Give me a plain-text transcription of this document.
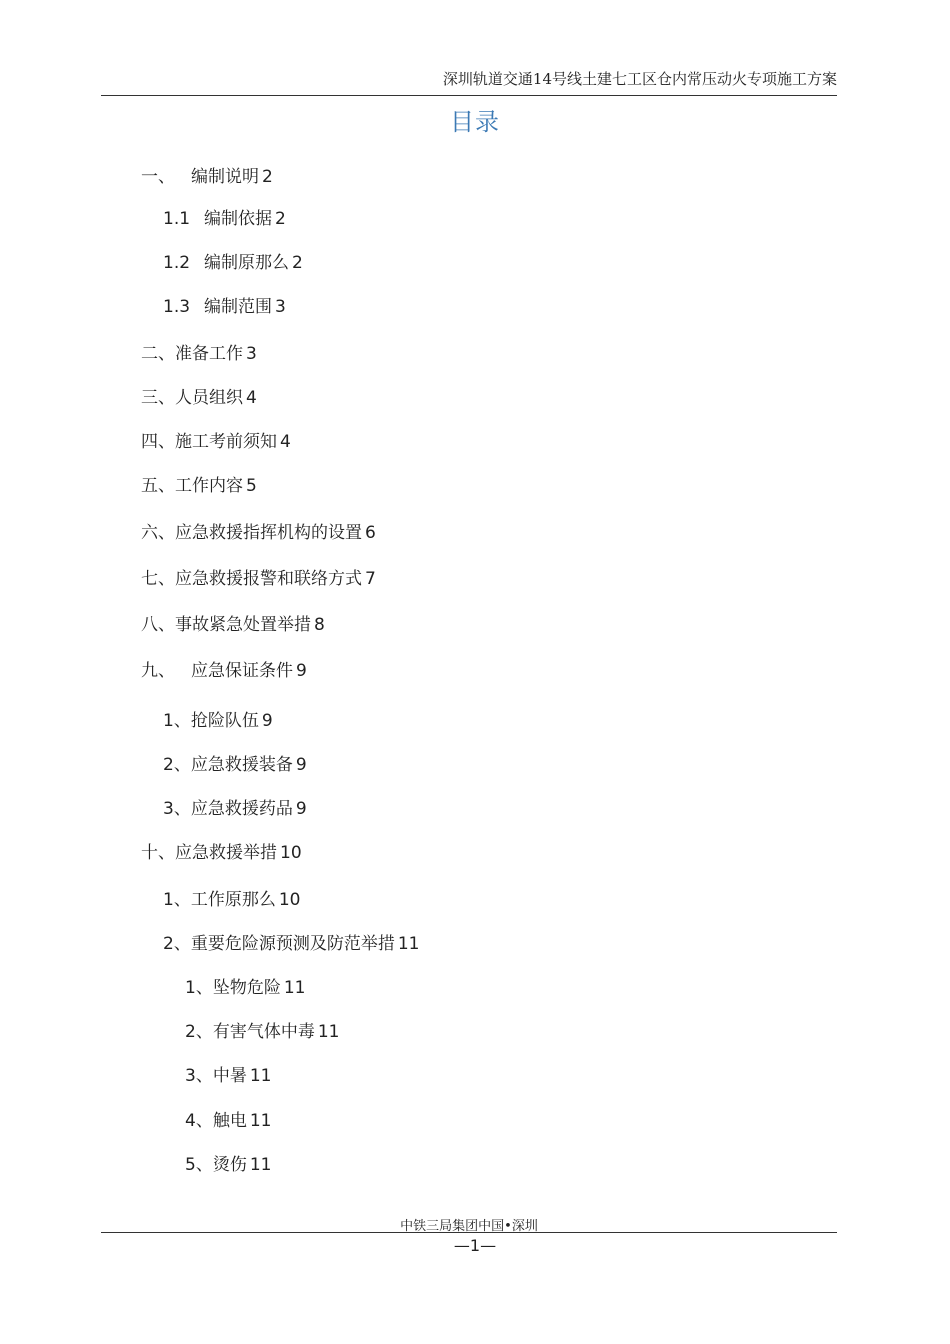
深圳轨道交通14号线土建七工区仓内常压动火专项施工方案
目录
一、 编制说明 2
1.1 编制依据 2
1.2 编制原那么 2
1.3 编制范围 3
二、准备工作 3
三、人员组织 4
四、施工考前须知 4
五、工作内容 5
六、应急救援指挥机构的设置 6
七、应急救援报警和联络方式 7
八、事故紧急处置举措 8
九、 应急保证条件 9
1、抢险队伍 9
2、应急救援装备 9
3、应急救援药品 9
十、应急救援举措 10
1、工作原那么 10
2、重要危险源预测及防范举措 11
1、坠物危险 11
2、有害气体中毒 11
3、中暑 11
4、触电 11
5、烫伤 11
中铁三局集团中国•深圳
—1—
